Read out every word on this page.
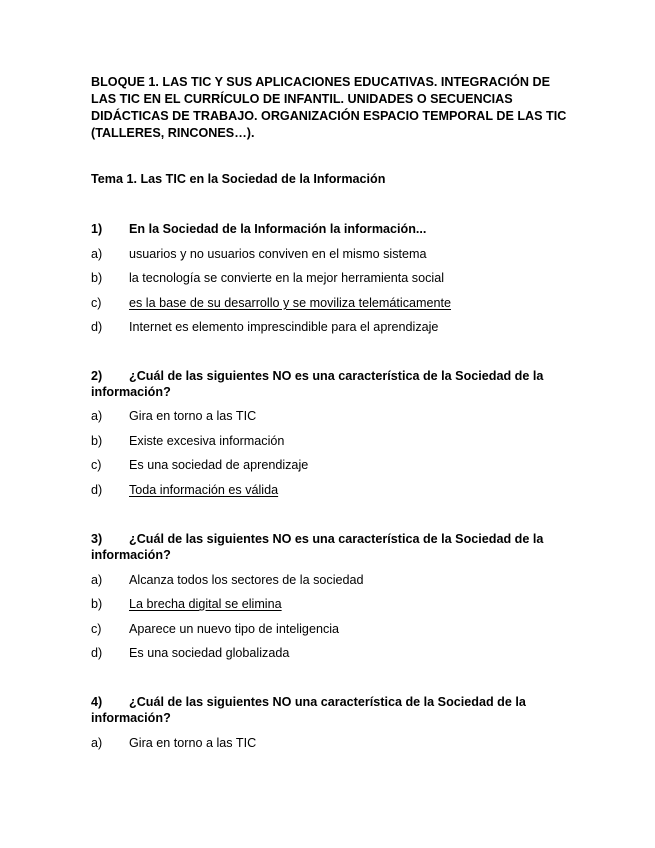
BLOQUE 1. LAS TIC Y SUS APLICACIONES EDUCATIVAS. INTEGRACIÓN DE LAS TIC EN EL CURRÍCULO DE INFANTIL. UNIDADES O SECUENCIAS DIDÁCTICAS DE TRABAJO. ORGANIZACIÓN ESPACIO TEMPORAL DE LAS TIC (TALLERES, RINCONES…).

Tema 1. Las TIC en la Sociedad de la Información

1) En la Sociedad de la Información la información...

a) usuarios y no usuarios conviven en el mismo sistema
b) la tecnología se convierte en la mejor herramienta social
c) es la base de su desarrollo y se moviliza telemáticamente
d) Internet es elemento imprescindible para el aprendizaje

2) ¿Cuál de las siguientes NO es una característica de la Sociedad de la información?

a) Gira en torno a las TIC
b) Existe excesiva información
c) Es una sociedad de aprendizaje
d) Toda información es válida

3) ¿Cuál de las siguientes NO es una característica de la Sociedad de la información?

a) Alcanza todos los sectores de la sociedad
b) La brecha digital se elimina
c) Aparece un nuevo tipo de inteligencia
d) Es una sociedad globalizada

4) ¿Cuál de las siguientes NO una característica de la Sociedad de la información?

a) Gira en torno a las TIC
